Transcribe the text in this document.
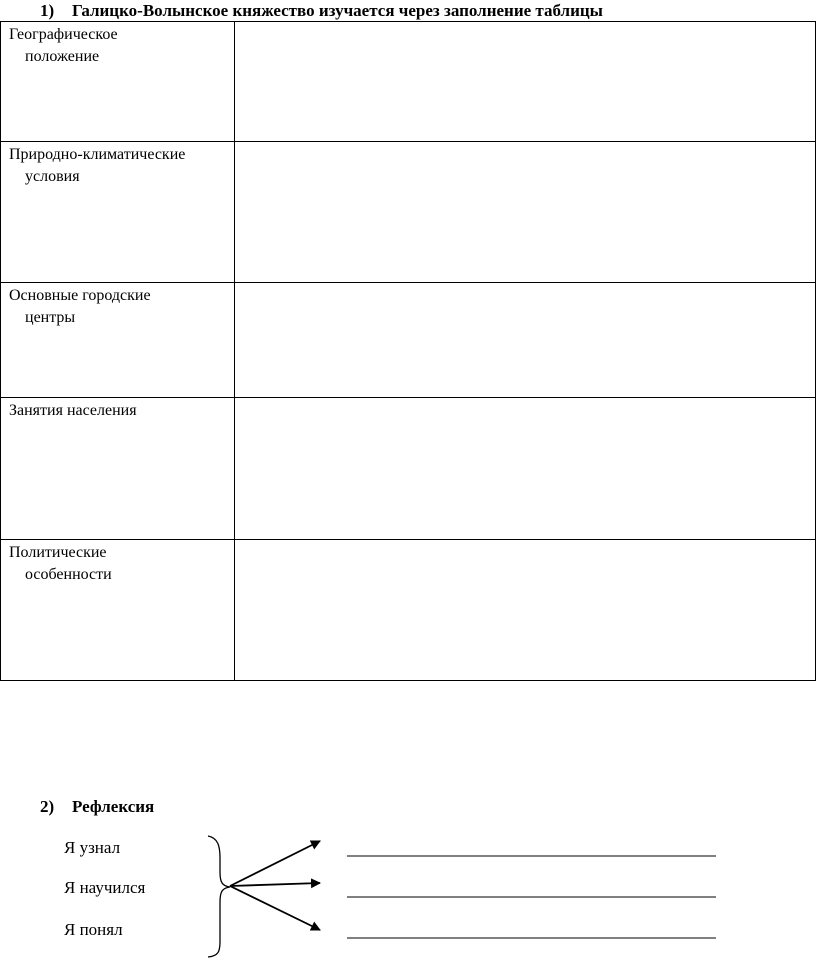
1) Галицко-Волынское княжество изучается через заполнение таблицы
Географическое
положение	

Природно-климатические
условия	

Основные городские
центры	

Занятия населения

Политические
особенности	

2) Рефлексия
Я узнал
Я научился
Я понял
